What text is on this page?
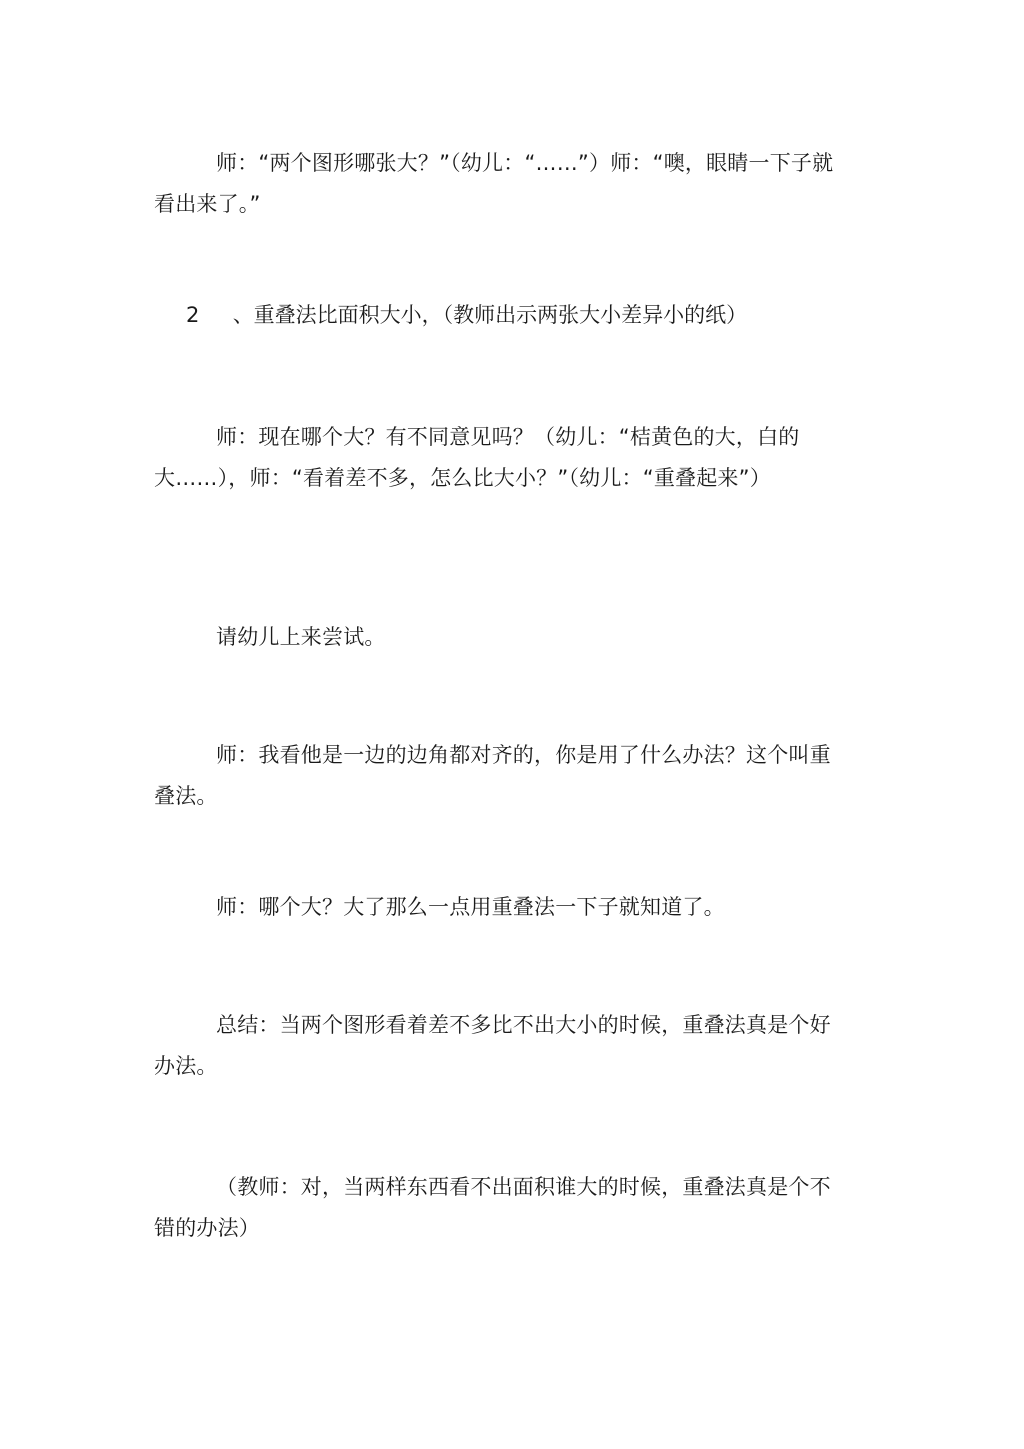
师：“两个图形哪张大？”（幼儿：“……”）师：“噢，眼睛一下子就看出来了。”

2 、重叠法比面积大小，（教师出示两张大小差异小的纸）

师：现在哪个大？有不同意见吗？（幼儿：“桔黄色的大，白的大……），师：“看着差不多，怎么比大小？”（幼儿：“重叠起来”）

请幼儿上来尝试。

师：我看他是一边的边角都对齐的，你是用了什么办法？这个叫重叠法。

师：哪个大？大了那么一点用重叠法一下子就知道了。

总结：当两个图形看着差不多比不出大小的时候，重叠法真是个好办法。

（教师：对，当两样东西看不出面积谁大的时候，重叠法真是个不错的办法）
